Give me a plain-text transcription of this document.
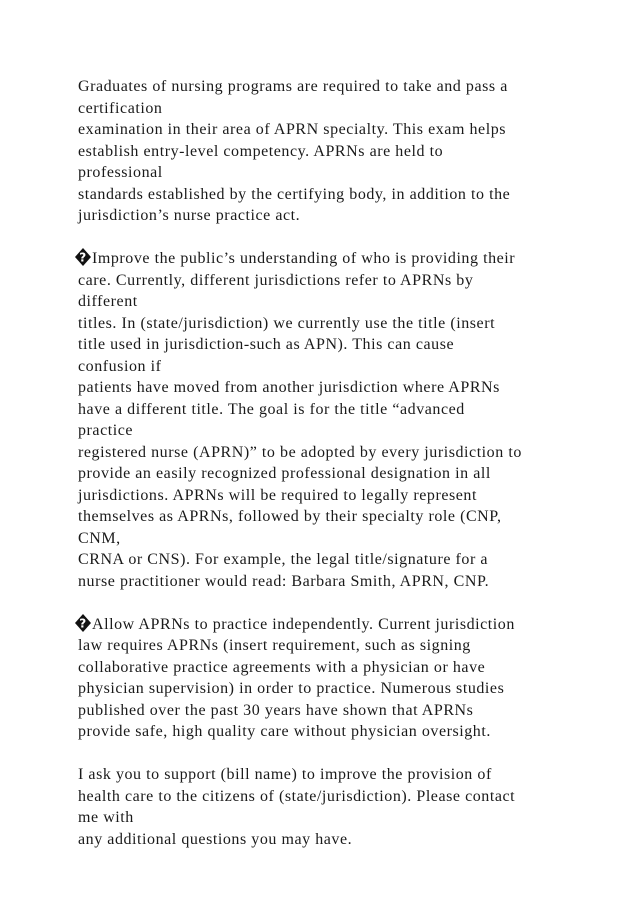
Graduates of nursing programs are required to take and pass a
certification
examination in their area of APRN specialty. This exam helps
establish entry-level competency. APRNs are held to
professional
standards established by the certifying body, in addition to the
jurisdiction’s nurse practice act.
? Improve the public’s understanding of who is providing their
care. Currently, different jurisdictions refer to APRNs by
different
titles. In (state/jurisdiction) we currently use the title (insert
title used in jurisdiction-such as APN). This can cause
confusion if
patients have moved from another jurisdiction where APRNs
have a different title. The goal is for the title “advanced
practice
registered nurse (APRN)” to be adopted by every jurisdiction to
provide an easily recognized professional designation in all
jurisdictions. APRNs will be required to legally represent
themselves as APRNs, followed by their specialty role (CNP,
CNM,
CRNA or CNS). For example, the legal title/signature for a
nurse practitioner would read: Barbara Smith, APRN, CNP.
? Allow APRNs to practice independently. Current jurisdiction
law requires APRNs (insert requirement, such as signing
collaborative practice agreements with a physician or have
physician supervision) in order to practice. Numerous studies
published over the past 30 years have shown that APRNs
provide safe, high quality care without physician oversight.
I ask you to support (bill name) to improve the provision of
health care to the citizens of (state/jurisdiction). Please contact
me with
any additional questions you may have.
